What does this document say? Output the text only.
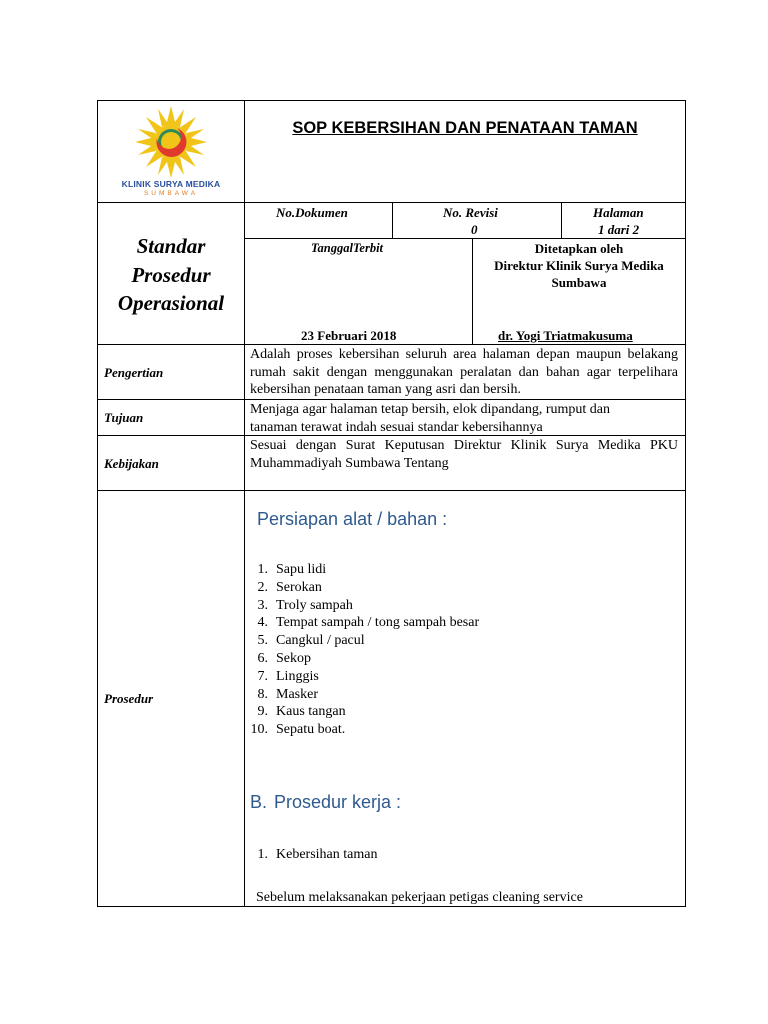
KLINIK SURYA MEDIKA
SUMBAWA
SOP KEBERSIHAN DAN PENATAAN TAMAN
Standar
Prosedur
Operasional
No.Dokumen	No. Revisi
0
Halaman
1 dari 2
TanggalTerbit
23 Februari 2018
Ditetapkan oleh
Direktur Klinik Surya Medika
Sumbawa
dr. Yogi Triatmakusuma
Pengertian
Adalah proses kebersihan seluruh area halaman depan maupun belakang rumah sakit dengan menggunakan peralatan dan bahan agar terpelihara kebersihan penataan taman yang asri dan bersih.
Tujuan
Menjaga agar halaman tetap bersih, elok dipandang, rumput dan
tanaman terawat indah sesuai standar kebersihannya
Kebijakan
Sesuai dengan Surat Keputusan Direktur Klinik Surya Medika PKU Muhammadiyah Sumbawa Tentang
Prosedur
Persiapan alat / bahan :
1. Sapu lidi
2. Serokan
3. Troly sampah
4. Tempat sampah / tong sampah besar
5. Cangkul / pacul
6. Sekop
7. Linggis
8. Masker
9. Kaus tangan
10. Sepatu boat.
B. Prosedur kerja :
1. Kebersihan taman
Sebelum melaksanakan pekerjaan petigas cleaning service
